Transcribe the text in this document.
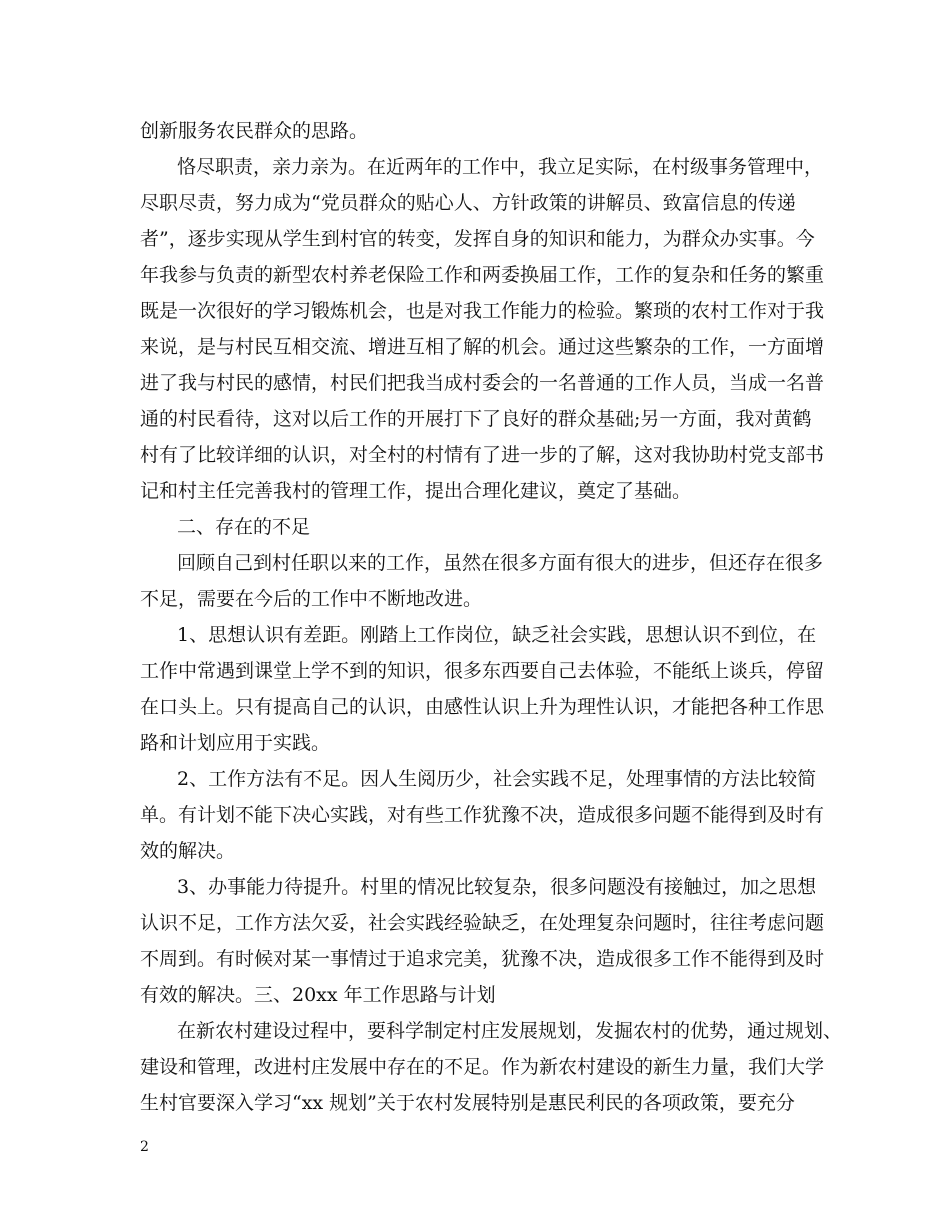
创新服务农民群众的思路。
恪尽职责，亲力亲为。在近两年的工作中，我立足实际，在村级事务管理中，
尽职尽责，努力成为“党员群众的贴心人、方针政策的讲解员、致富信息的传递
者”，逐步实现从学生到村官的转变，发挥自身的知识和能力，为群众办实事。今
年我参与负责的新型农村养老保险工作和两委换届工作，工作的复杂和任务的繁重
既是一次很好的学习锻炼机会，也是对我工作能力的检验。繁琐的农村工作对于我
来说，是与村民互相交流、增进互相了解的机会。通过这些繁杂的工作，一方面增
进了我与村民的感情，村民们把我当成村委会的一名普通的工作人员，当成一名普
通的村民看待，这对以后工作的开展打下了良好的群众基础;另一方面，我对黄鹤
村有了比较详细的认识，对全村的村情有了进一步的了解，这对我协助村党支部书
记和村主任完善我村的管理工作，提出合理化建议，奠定了基础。
二、存在的不足
回顾自己到村任职以来的工作，虽然在很多方面有很大的进步，但还存在很多
不足，需要在今后的工作中不断地改进。
1、思想认识有差距。刚踏上工作岗位，缺乏社会实践，思想认识不到位，在
工作中常遇到课堂上学不到的知识，很多东西要自己去体验，不能纸上谈兵，停留
在口头上。只有提高自己的认识，由感性认识上升为理性认识，才能把各种工作思
路和计划应用于实践。
2、工作方法有不足。因人生阅历少，社会实践不足，处理事情的方法比较简
单。有计划不能下决心实践，对有些工作犹豫不决，造成很多问题不能得到及时有
效的解决。
3、办事能力待提升。村里的情况比较复杂，很多问题没有接触过，加之思想
认识不足，工作方法欠妥，社会实践经验缺乏，在处理复杂问题时，往往考虑问题
不周到。有时候对某一事情过于追求完美，犹豫不决，造成很多工作不能得到及时
有效的解决。三、20xx 年工作思路与计划
在新农村建设过程中，要科学制定村庄发展规划，发掘农村的优势，通过规划、
建设和管理，改进村庄发展中存在的不足。作为新农村建设的新生力量，我们大学
生村官要深入学习“xx 规划”关于农村发展特别是惠民利民的各项政策，要充分
2
